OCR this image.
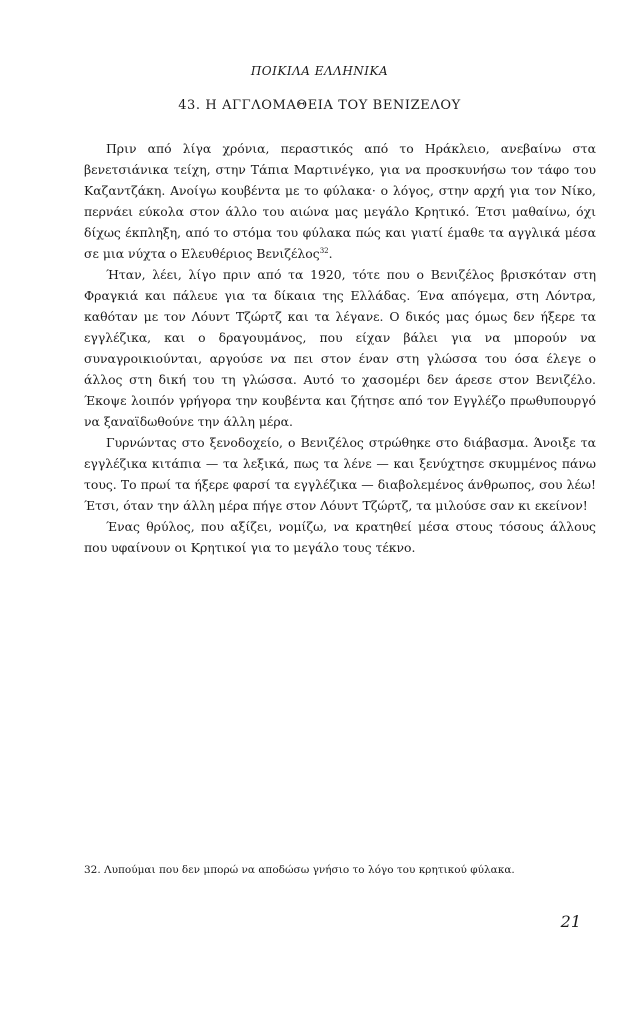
ΠΟΙΚΙΛΑ ΕΛΛΗΝΙΚΑ
43. Η ΑΓΓΛΟΜΑΘΕΙΑ ΤΟΥ ΒΕΝΙΖΕΛΟΥ

Πριν από λίγα χρόνια, περαστικός από το Ηράκλειο, ανεβαίνω στα βενετσιάνικα τείχη, στην Τάπια Μαρτινέγκο, για να προσκυνήσω τον τάφο του Καζαντζάκη. Ανοίγω κουβέντα με το φύλακα· ο λόγος, στην αρχή για τον Νίκο, περνάει εύκολα στον άλλο του αιώνα μας μεγάλο Κρητικό. Έτσι μαθαίνω, όχι δίχως έκπληξη, από το στόμα του φύλακα πώς και γιατί έμαθε τα αγγλικά μέσα σε μια νύχτα ο Ελευθέριος Βενιζέλος$^{32}$.

Ήταν, λέει, λίγο πριν από τα 1920, τότε που ο Βενιζέλος βρισκόταν στη Φραγκιά και πάλευε για τα δίκαια της Ελλάδας. Ένα απόγεμα, στη Λόντρα, καθόταν με τον Λόυντ Τζώρτζ και τα λέγανε. Ο δικός μας όμως δεν ήξερε τα εγγλέζικα, και ο δραγουμάνος, που είχαν βάλει για να μπορούν να συναγροικιούνται, αργούσε να πει στον έναν στη γλώσσα του όσα έλεγε ο άλλος στη δική του τη γλώσσα. Αυτό το χασομέρι δεν άρεσε στον Βενιζέλο. Έκοψε λοιπόν γρήγορα την κουβέντα και ζήτησε από τον Εγγλέζο πρωθυπουργό να ξαναϊδωθούνε την άλλη μέρα.

Γυρνώντας στο ξενοδοχείο, ο Βενιζέλος στρώθηκε στο διάβασμα. Άνοιξε τα εγγλέζικα κιτάπια — τα λεξικά, πως τα λένε — και ξενύχτησε σκυμμένος πάνω τους. Το πρωί τα ήξερε φαρσί τα εγγλέζικα — διαβολεμένος άνθρωπος, σου λέω! Έτσι, όταν την άλλη μέρα πήγε στον Λόυντ Τζώρτζ, τα μιλούσε σαν κι εκείνον!

Ένας θρύλος, που αξίζει, νομίζω, να κρατηθεί μέσα στους τόσους άλλους που υφαίνουν οι Κρητικοί για το μεγάλο τους τέκνο.

32. Λυπούμαι που δεν μπορώ να αποδώσω γνήσιο το λόγο του κρητικού φύλακα.
21
